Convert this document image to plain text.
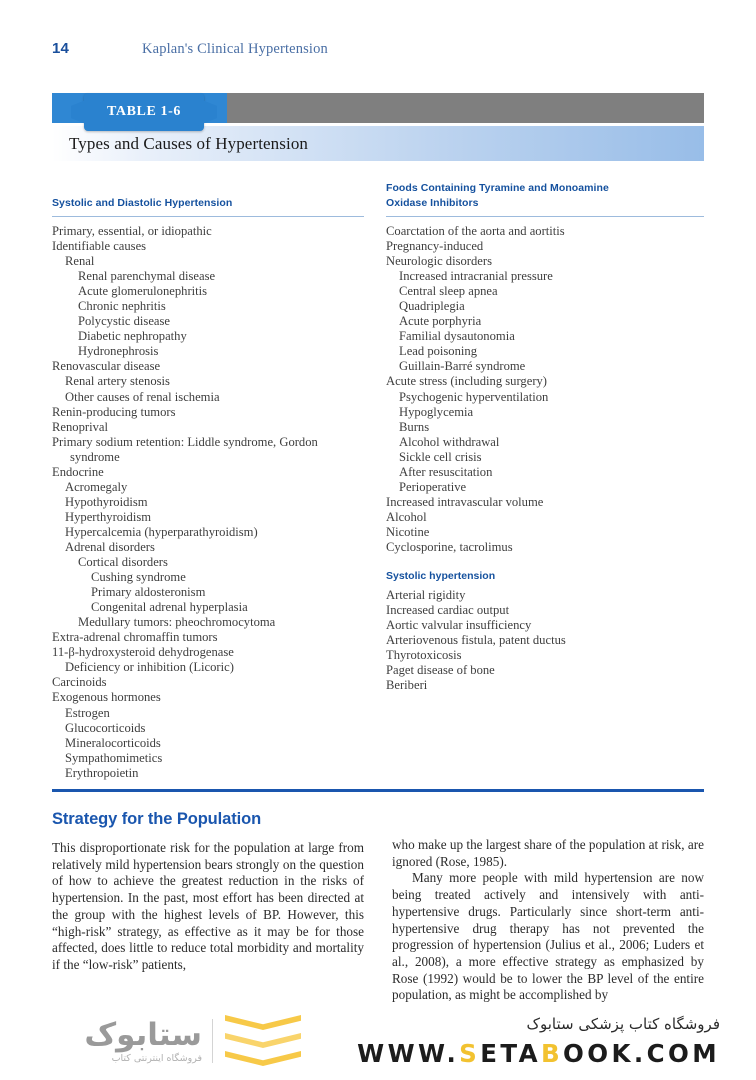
14	Kaplan's Clinical Hypertension
TABLE 1-6
Types and Causes of Hypertension
Systolic and Diastolic Hypertension
Primary, essential, or idiopathic
Identifiable causes
Renal
Renal parenchymal disease
Acute glomerulonephritis
Chronic nephritis
Polycystic disease
Diabetic nephropathy
Hydronephrosis
Renovascular disease
Renal artery stenosis
Other causes of renal ischemia
Renin-producing tumors
Renoprival
Primary sodium retention: Liddle syndrome, Gordon
syndrome
Endocrine
Acromegaly
Hypothyroidism
Hyperthyroidism
Hypercalcemia (hyperparathyroidism)
Adrenal disorders
Cortical disorders
Cushing syndrome
Primary aldosteronism
Congenital adrenal hyperplasia
Medullary tumors: pheochromocytoma
Extra-adrenal chromaffin tumors
11-β-hydroxysteroid dehydrogenase
Deficiency or inhibition (Licoric)
Carcinoids
Exogenous hormones
Estrogen
Glucocorticoids
Mineralocorticoids
Sympathomimetics
Erythropoietin
Foods Containing Tyramine and Monoamine
Oxidase Inhibitors
Coarctation of the aorta and aortitis
Pregnancy-induced
Neurologic disorders
Increased intracranial pressure
Central sleep apnea
Quadriplegia
Acute porphyria
Familial dysautonomia
Lead poisoning
Guillain-Barré syndrome
Acute stress (including surgery)
Psychogenic hyperventilation
Hypoglycemia
Burns
Alcohol withdrawal
Sickle cell crisis
After resuscitation
Perioperative
Increased intravascular volume
Alcohol
Nicotine
Cyclosporine, tacrolimus
Systolic hypertension
Arterial rigidity
Increased cardiac output
Aortic valvular insufficiency
Arteriovenous fistula, patent ductus
Thyrotoxicosis
Paget disease of bone
Beriberi
Strategy for the Population

This disproportionate risk for the population at large from relatively mild hypertension bears strongly on the question of how to achieve the greatest reduction in the risks of hypertension. In the past, most effort has been directed at the group with the highest levels of BP. However, this “high-risk” strategy, as effective as it may be for those affected, does little to reduce total morbidity and mortality if the “low-risk” patients,

who make up the largest share of the population at risk, are ignored (Rose, 1985).

Many more people with mild hypertension are now being treated actively and intensively with anti-hypertensive drugs. Particularly since short-term anti-hypertensive drug therapy has not prevented the progression of hypertension (Julius et al., 2006; Luders et al., 2008), a more effective strategy as emphasized by Rose (1992) would be to lower the BP level of the entire population, as might be accomplished by

ستابوک
فروشگاه اینترنتی کتاب
فروشگاه کتاب پزشکی ستابوک
WWW.SETABOOK.COM
